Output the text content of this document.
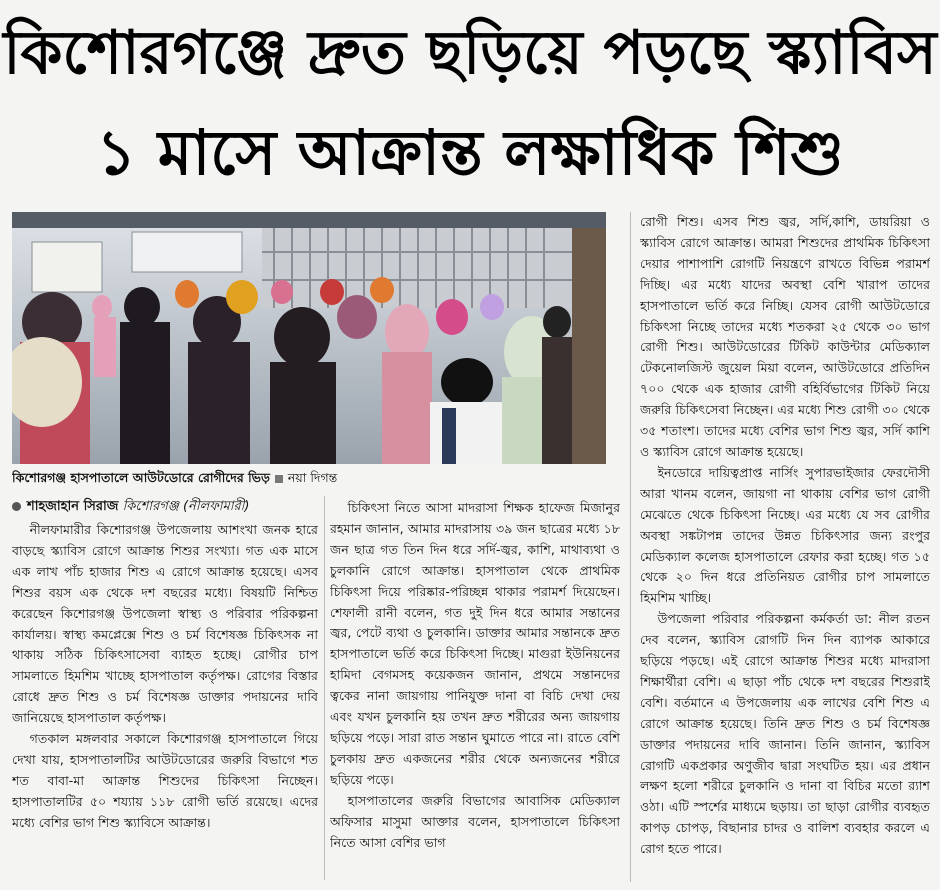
কিশোরগঞ্জে দ্রুত ছড়িয়ে পড়ছে স্ক্যাবিস
১ মাসে আক্রান্ত লক্ষাধিক শিশু
কিশোরগঞ্জ হাসপাতালে আউটডোরে রোগীদের ভিড় নয়া দিগন্ত
শাহজাহান সিরাজ কিশোরগঞ্জ (নীলফামারী)

নীলফামারীর কিশোরগঞ্জ উপজেলায় আশংখা জনক হারে বাড়ছে স্ক্যাবিস রোগে আক্রান্ত শিশুর সংখ্যা। গত এক মাসে এক লাখ পাঁচ হাজার শিশু এ রোগে আক্রান্ত হয়েছে। এসব শিশুর বয়স এক থেকে দশ বছরের মধ্যে। বিষয়টি নিশ্চিত করেছেন কিশোরগঞ্জ উপজেলা স্বাস্থ্য ও পরিবার পরিকল্পনা কার্যালয়। স্বাস্থ্য কমপ্লেক্সে শিশু ও চর্ম বিশেষজ্ঞ চিকিৎসক না থাকায় সঠিক চিকিৎসাসেবা ব্যাহত হচ্ছে। রোগীর চাপ সামলাতে হিমশিম খাচ্ছে হাসপাতাল কর্তৃপক্ষ। রোগের বিস্তার রোধে দ্রুত শিশু ও চর্ম বিশেষজ্ঞ ডাক্তার পদায়নের দাবি জানিয়েছে হাসপাতাল কর্তৃপক্ষ।

গতকাল মঙ্গলবার সকালে কিশোরগঞ্জ হাসপাতালে গিয়ে দেখা যায়, হাসপাতালটির আউটডোরের জরুরি বিভাগে শত শত বাবা-মা আক্রান্ত শিশুদের চিকিৎসা নিচ্ছেন। হাসপাতালটির ৫০ শয্যায় ১১৮ রোগী ভর্তি রয়েছে। এদের মধ্যে বেশির ভাগ শিশু স্ক্যাবিসে আক্রান্ত।

চিকিৎসা নিতে আসা মাদরাসা শিক্ষক হাফেজ মিজানুর রহমান জানান, আমার মাদরাসায় ৩৯ জন ছাত্রের মধ্যে ১৮ জন ছাত্র গত তিন দিন ধরে সর্দি-জ্বর, কাশি, মাথাব্যথা ও চুলকানি রোগে আক্রান্ত। হাসপাতাল থেকে প্রাথমিক চিকিৎসা দিয়ে পরিষ্কার-পরিচ্ছন্ন থাকার পরামর্শ দিয়েছেন। শেফালী রানী বলেন, গত দুই দিন ধরে আমার সন্তানের জ্বর, পেটে ব্যথা ও চুলকানি। ডাক্তার আমার সন্তানকে দ্রুত হাসপাতালে ভর্তি করে চিকিৎসা দিচ্ছে। মাগুরা ইউনিয়নের হামিদা বেগমসহ কয়েকজন জানান, প্রথমে সন্তানদের ত্বকের নানা জায়গায় পানিযুক্ত দানা বা বিচি দেখা দেয় এবং যখন চুলকানি হয় তখন দ্রুত শরীরের অন্য জায়গায় ছড়িয়ে পড়ে। সারা রাত সন্তান ঘুমাতে পারে না। রাতে বেশি চুলকায় দ্রুত একজনের শরীর থেকে অন্যজনের শরীরে ছড়িয়ে পড়ে।

হাসপাতালের জরুরি বিভাগের আবাসিক মেডিক্যাল অফিসার মাসুমা আক্তার বলেন, হাসপাতালে চিকিৎসা নিতে আসা বেশির ভাগ

রোগী শিশু। এসব শিশু জ্বর, সর্দি,কাশি, ডায়রিয়া ও স্ক্যাবিস রোগে আক্রান্ত। আমরা শিশুদের প্রাথমিক চিকিৎসা দেয়ার পাশাপাশি রোগটি নিয়ন্ত্রণে রাখতে বিভিন্ন পরামর্শ দিচ্ছি। এর মধ্যে যাদের অবস্থা বেশি খারাপ তাদের হাসপাতালে ভর্তি করে নিচ্ছি। যেসব রোগী আউটডোরে চিকিৎসা নিচ্ছে তাদের মধ্যে শতকরা ২৫ থেকে ৩০ ভাগ রোগী শিশু। আউটডোরের টিকিট কাউন্টার মেডিক্যাল টেকনোলজিস্ট জুয়েল মিয়া বলেন, আউটডোরে প্রতিদিন ৭০০ থেকে এক হাজার রোগী বহির্বিভাগের টিকিট নিয়ে জরুরি চিকিৎসেবা নিচ্ছেন। এর মধ্যে শিশু রোগী ৩০ থেকে ৩৫ শতাংশ। তাদের মধ্যে বেশির ভাগ শিশু জ্বর, সর্দি কাশি ও স্ক্যাবিস রোগে আক্রান্ত হয়েছে।

ইনডোরে দায়িত্বপ্রাপ্ত নার্সিং সুপারভাইজার ফেরদৌসী আরা খানম বলেন, জায়গা না থাকায় বেশির ভাগ রোগী মেঝেতে থেকে চিকিৎসা নিচ্ছে। এর মধ্যে যে সব রোগীর অবস্থা সঙ্কটাপন্ন তাদের উন্নত চিকিৎসার জন্য রংপুর মেডিক্যাল কলেজ হাসপাতালে রেফার করা হচ্ছে। গত ১৫ থেকে ২০ দিন ধরে প্রতিনিয়ত রোগীর চাপ সামলাতে হিমশিম খাচ্ছি।

উপজেলা পরিবার পরিকল্পনা কর্মকর্তা ডা: নীল রতন দেব বলেন, স্ক্যাবিস রোগটি দিন দিন ব্যাপক আকারে ছড়িয়ে পড়ছে। এই রোগে আক্রান্ত শিশুর মধ্যে মাদরাসা শিক্ষার্থীরা বেশি। এ ছাড়া পাঁচ থেকে দশ বছরের শিশুরাই বেশি। বর্তমানে এ উপজেলায় এক লাখের বেশি শিশু এ রোগে আক্রান্ত হয়েছে। তিনি দ্রুত শিশু ও চর্ম বিশেষজ্ঞ ডাক্তার পদায়নের দাবি জানান। তিনি জানান, স্ক্যাবিস রোগটি একপ্রকার অণুজীব দ্বারা সংঘটিত হয়। এর প্রধান লক্ষণ হলো শরীরে চুলকানি ও দানা বা বিচির মতো র‍্যাশ ওঠা। এটি স্পর্শের মাধ্যমে ছড়ায়। তা ছাড়া রোগীর ব্যবহৃত কাপড় চোপড়, বিছানার চাদর ও বালিশ ব্যবহার করলে এ রোগ হতে পারে।
